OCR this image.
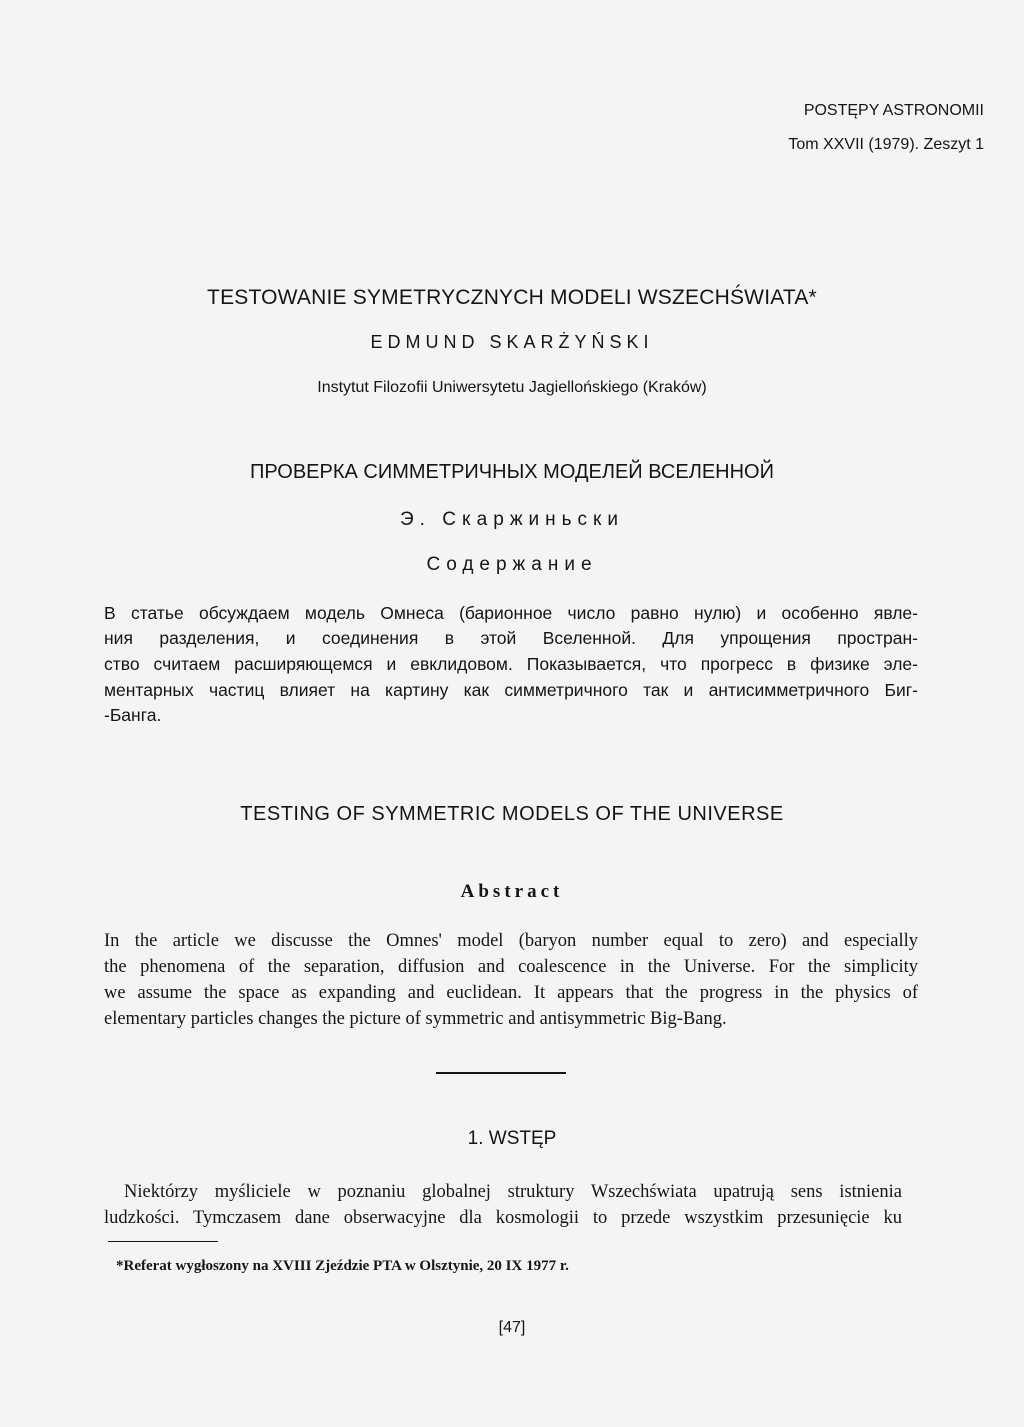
POSTĘPY ASTRONOMII

Tom XXVII (1979). Zeszyt 1

TESTOWANIE SYMETRYCZNYCH MODELI WSZECHŚWIATA*

EDMUND SKARŻYŃSKI

Instytut Filozofii Uniwersytetu Jagiellońskiego (Kraków)

ПРОВЕРКА СИММЕТРИЧНЫХ МОДЕЛЕЙ ВСЕЛЕННОЙ

Э. Скаржиньски

Содержание

В статье обсуждаем модель Омнеса (барионное число равно нулю) и особенно явле-

ния разделения, и соединения в этой Вселенной. Для упрощения простран-

ство считаем расширяющемся и евклидовом. Показывается, что прогресс в физике эле-

ментарных частиц влияет на картину как симметричного так и антисимметричного Биг-

-Банга.

TESTING OF SYMMETRIC MODELS OF THE UNIVERSE

Abstract

In the article we discusse the Omnes' model (baryon number equal to zero) and especially

the phenomena of the separation, diffusion and coalescence in the Universe. For the simplicity

we assume the space as expanding and euclidean. It appears that the progress in the physics of

elementary particles changes the picture of symmetric and antisymmetric Big-Bang.

1. WSTĘP

Niektórzy myśliciele w poznaniu globalnej struktury Wszechświata upatrują sens istnienia

ludzkości. Tymczasem dane obserwacyjne dla kosmologii to przede wszystkim przesunięcie ku

*Referat wygłoszony na XVIII Zjeździe PTA w Olsztynie, 20 IX 1977 r.

[47]
